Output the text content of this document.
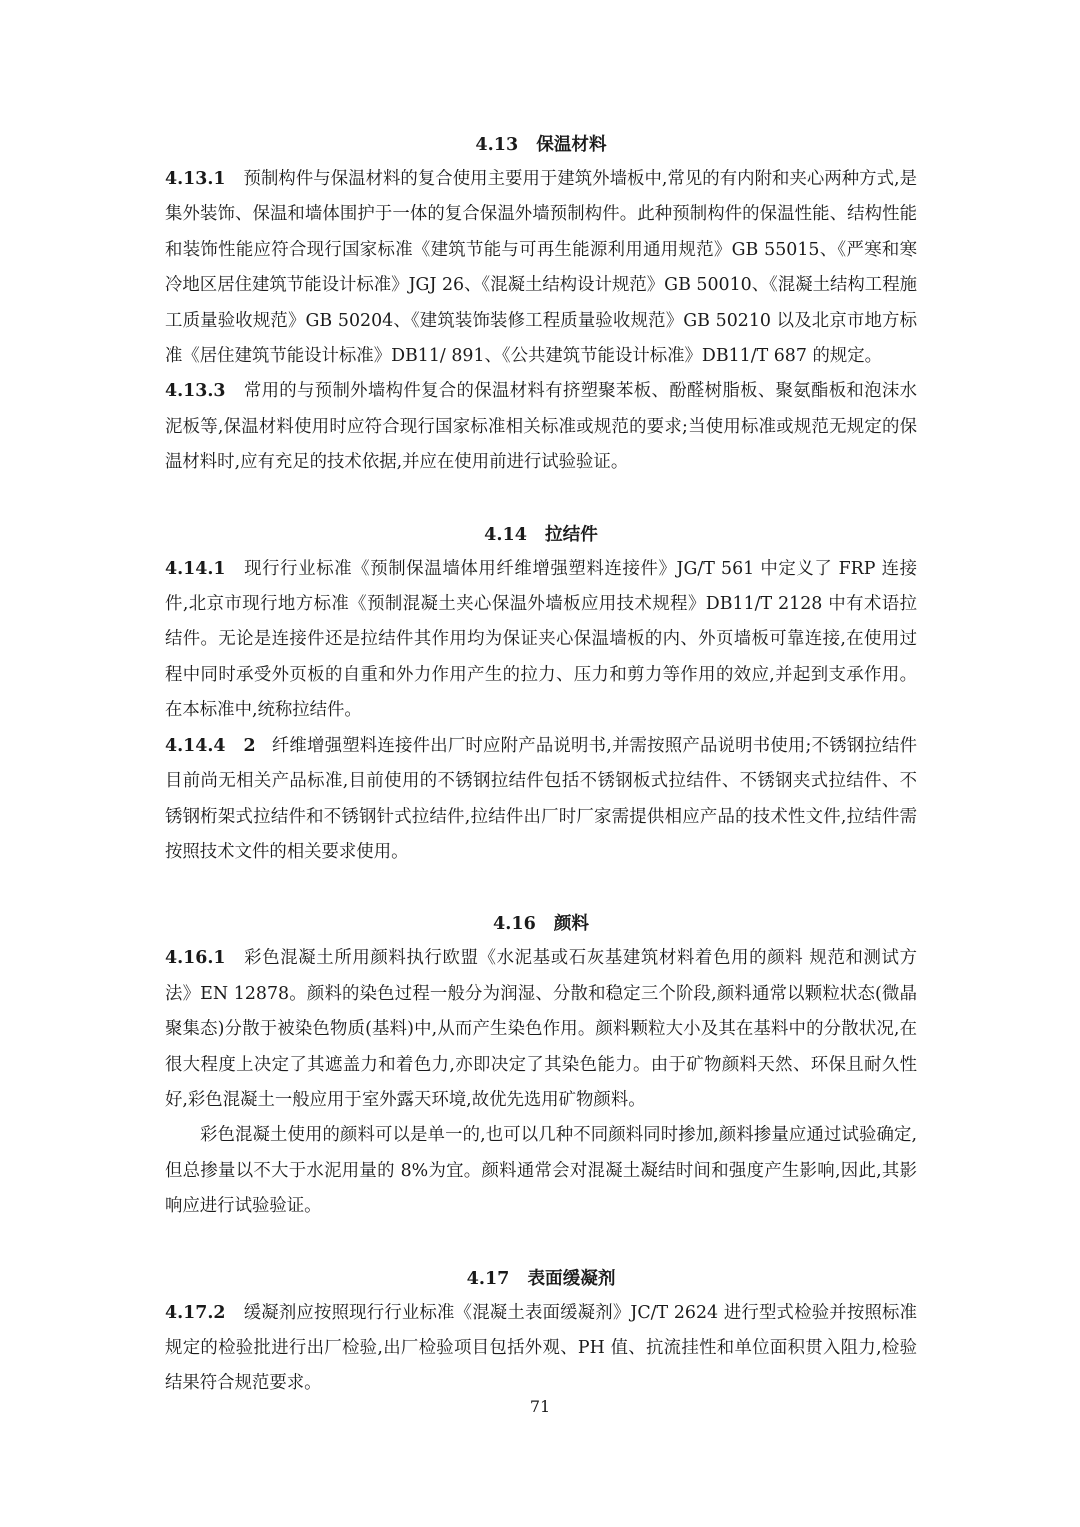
4.13 保温材料

4.13.1 预制构件与保温材料的复合使用主要用于建筑外墙板中,常见的有内附和夹心两种方式,是集外装饰、保温和墙体围护于一体的复合保温外墙预制构件。此种预制构件的保温性能、结构性能和装饰性能应符合现行国家标准《建筑节能与可再生能源利用通用规范》GB 55015、《严寒和寒冷地区居住建筑节能设计标准》JGJ 26、《混凝土结构设计规范》GB 50010、《混凝土结构工程施工质量验收规范》GB 50204、《建筑装饰装修工程质量验收规范》GB 50210 以及北京市地方标准《居住建筑节能设计标准》DB11/ 891、《公共建筑节能设计标准》DB11/T 687 的规定。

4.13.3 常用的与预制外墙构件复合的保温材料有挤塑聚苯板、酚醛树脂板、聚氨酯板和泡沫水泥板等,保温材料使用时应符合现行国家标准相关标准或规范的要求;当使用标准或规范无规定的保温材料时,应有充足的技术依据,并应在使用前进行试验验证。

4.14 拉结件

4.14.1 现行行业标准《预制保温墙体用纤维增强塑料连接件》JG/T 561 中定义了 FRP 连接件,北京市现行地方标准《预制混凝土夹心保温外墙板应用技术规程》DB11/T 2128 中有术语拉结件。无论是连接件还是拉结件其作用均为保证夹心保温墙板的内、外页墙板可靠连接,在使用过程中同时承受外页板的自重和外力作用产生的拉力、压力和剪力等作用的效应,并起到支承作用。在本标准中,统称拉结件。

4.14.4 2 纤维增强塑料连接件出厂时应附产品说明书,并需按照产品说明书使用;不锈钢拉结件目前尚无相关产品标准,目前使用的不锈钢拉结件包括不锈钢板式拉结件、不锈钢夹式拉结件、不锈钢桁架式拉结件和不锈钢针式拉结件,拉结件出厂时厂家需提供相应产品的技术性文件,拉结件需按照技术文件的相关要求使用。

4.16 颜料

4.16.1 彩色混凝土所用颜料执行欧盟《水泥基或石灰基建筑材料着色用的颜料 规范和测试方法》EN 12878。颜料的染色过程一般分为润湿、分散和稳定三个阶段,颜料通常以颗粒状态(微晶聚集态)分散于被染色物质(基料)中,从而产生染色作用。颜料颗粒大小及其在基料中的分散状况,在很大程度上决定了其遮盖力和着色力,亦即决定了其染色能力。由于矿物颜料天然、环保且耐久性好,彩色混凝土一般应用于室外露天环境,故优先选用矿物颜料。

彩色混凝土使用的颜料可以是单一的,也可以几种不同颜料同时掺加,颜料掺量应通过试验确定,但总掺量以不大于水泥用量的 8%为宜。颜料通常会对混凝土凝结时间和强度产生影响,因此,其影响应进行试验验证。

4.17 表面缓凝剂

4.17.2 缓凝剂应按照现行行业标准《混凝土表面缓凝剂》JC/T 2624 进行型式检验并按照标准规定的检验批进行出厂检验,出厂检验项目包括外观、PH 值、抗流挂性和单位面积贯入阻力,检验结果符合规范要求。

71
